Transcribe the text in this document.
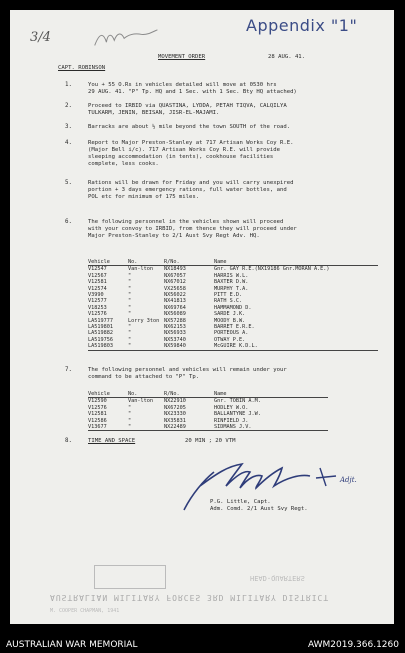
Appendix "1"
3/4
MOVEMENT ORDER	28 AUG. 41.
CAPT. ROBINSON
1.	You + 55 O.Rs in vehicles detailed will move at 0530 hrs
29 AUG. 41. "P" Tp. HQ and 1 Sec. with 1 Sec. Bty HQ attached)
2.	Proceed to IRBID via QUASTINA, LYDDA, PETAH TIQVA, CALQILYA
TULKARM, JENIN, BEISAN, JISR-EL-MAJAMI.
3.	Barracks are about ½ mile beyond the town SOUTH of the road.
4.	Report to Major Preston-Stanley at 717 Artisan Works Coy R.E.
(Major Bell i/c). 717 Artisan Works Coy R.E. will provide
sleeping accommodation (in tents), cookhouse facilities
complete, less cooks.
5.	Rations will be drawn for Friday and you will carry unexpired
portion + 3 days emergency rations, full water bottles, and
POL etc for minimum of 175 miles.
6.	The following personnel in the vehicles shown will proceed
with your convoy to IRBID, from thence they will proceed under
Major Preston-Stanley to 2/1 Aust Svy Regt Adv. HQ.
Vehicle	No.	R/No.	Name
V12547	Van-lton	NX18493	Gnr. GAY R.E.(NX19186 Gnr.MORAN A.E.)
V12567	"	NX67057	HARRIS W.L.
V12581	"	NX67012	BAXTER D.W.
V12574	"	VX25658	MURPHY T.A.
V3990	"	NX56022	PITT E.D.
V12577	"	NX41813	RATH S.C.
V18253	"	NX69764	HAMMAMOND D.
V12576	"	NX56089	SARDE J.K.
LA519777	Lorry 3ton	NX57288	MOODY B.W.
LA519801	"	NX62153	BARRET E.R.E.
LA519882	"	NX56933	PORTEOUS A.
LA519756	"	NX53740	OTWAY P.E.
LA519803	"	NX59840	McGUIRE K.D.L.
7.	The following personnel and vehicles will remain under your
command to be attached to "P" Tp.
Vehicle	No.	R/No.	Name
V12590	Van-lton	NX22910	Gnr. TOBIN A.M.
V12576	"	NX67205	HODLEY W.O.
V12581	"	NX23330	BALLANTYNE J.W.
V12586	"	NX35831	RINFIELD J.
V13677	"	NX22489	SIDMANS J.V.
8.	TIME AND SPACE	20 MIN ; 20 VTM
Adjt.
P.G. Little, Capt.
Adm. Comd. 2/1 Aust Svy Regt.
HEAD-QUARTERS
AUSTRALIAN MILITARY FORCES 3RD MILITARY DISTRICT
M. COOPER CHAPMAN, 1941
AUSTRALIAN WAR MEMORIAL	AWM2019.366.1260
